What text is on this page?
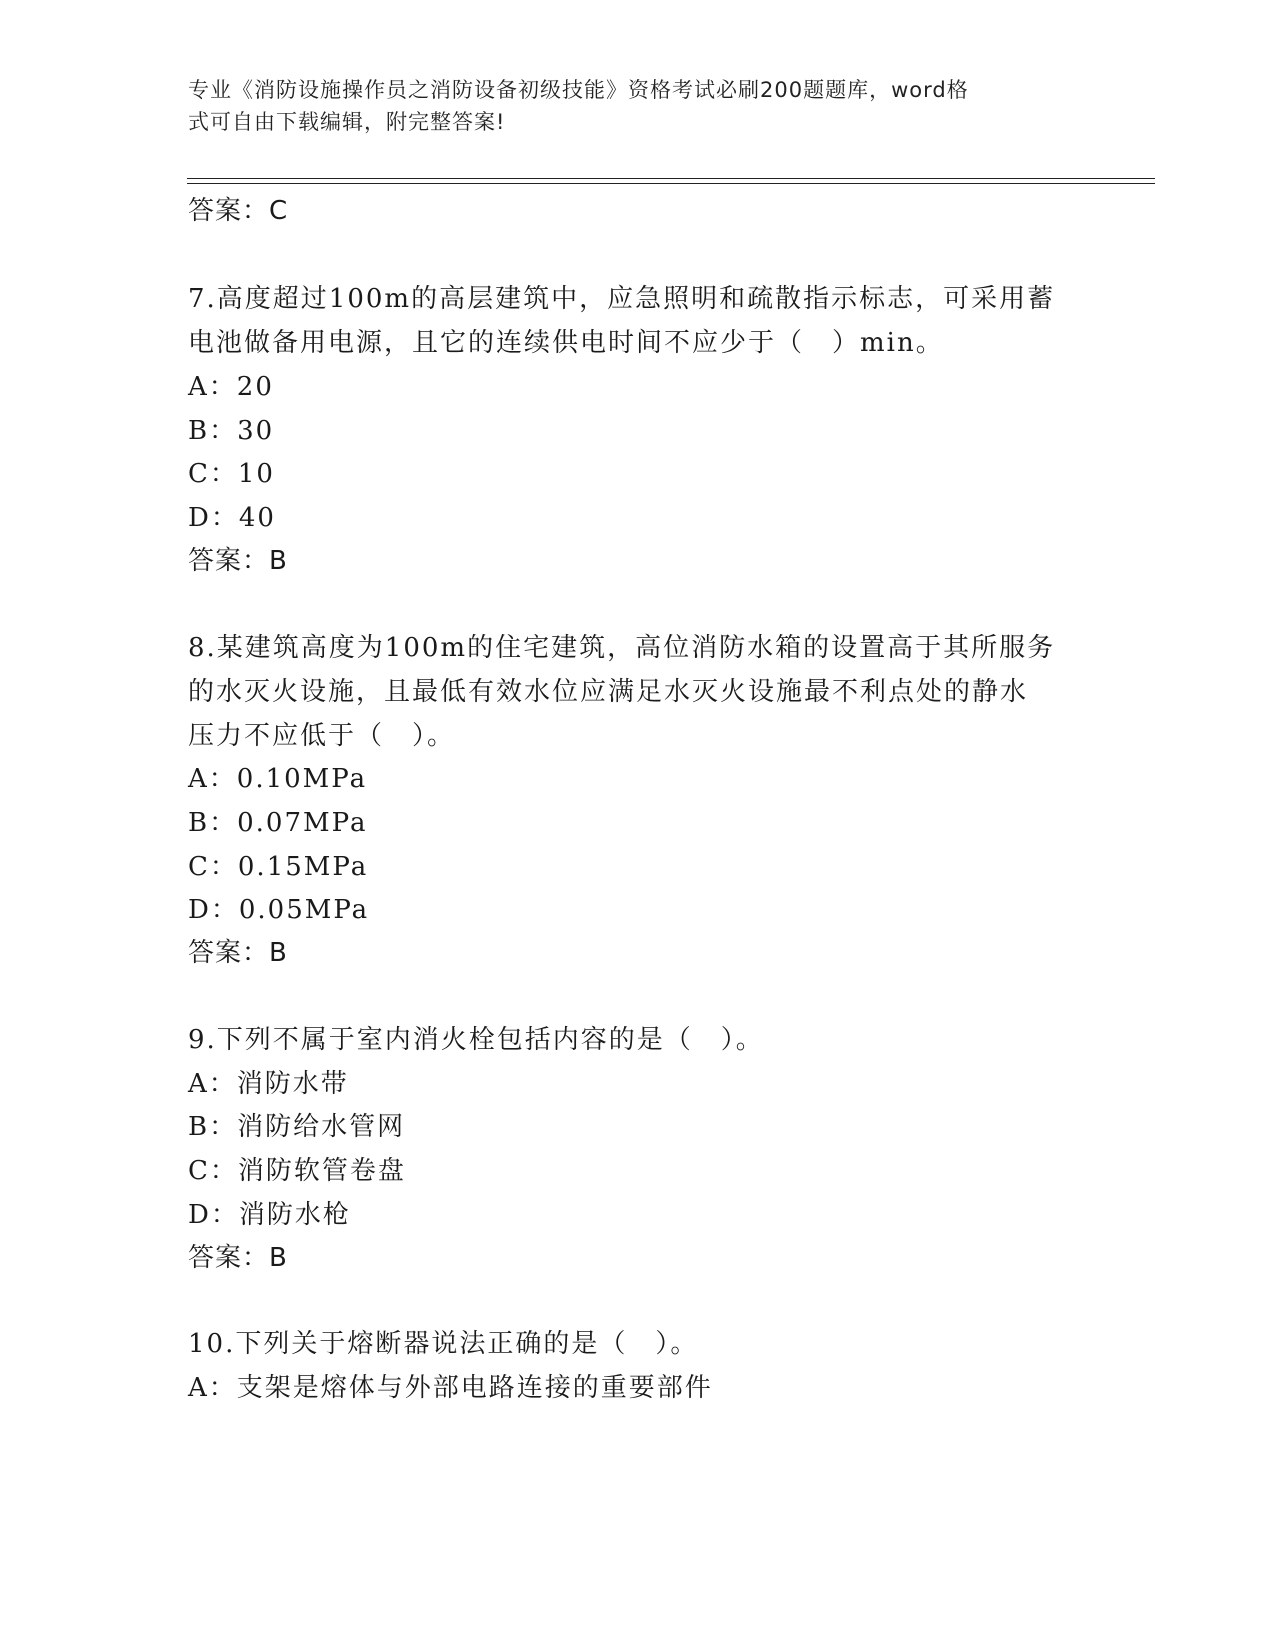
专业《消防设施操作员之消防设备初级技能》资格考试必刷200题题库，word格
式可自由下载编辑，附完整答案!
答案：C
7.高度超过100m的高层建筑中，应急照明和疏散指示标志，可采用蓄
电池做备用电源，且它的连续供电时间不应少于（　）min。
A：20
B：30
C：10
D：40
答案：B
8.某建筑高度为100m的住宅建筑，高位消防水箱的设置高于其所服务
的水灭火设施，且最低有效水位应满足水灭火设施最不利点处的静水
压力不应低于（　）。
A：0.10MPa
B：0.07MPa
C：0.15MPa
D：0.05MPa
答案：B
9.下列不属于室内消火栓包括内容的是（　）。
A：消防水带
B：消防给水管网
C：消防软管卷盘
D：消防水枪
答案：B
10.下列关于熔断器说法正确的是（　）。
A：支架是熔体与外部电路连接的重要部件
